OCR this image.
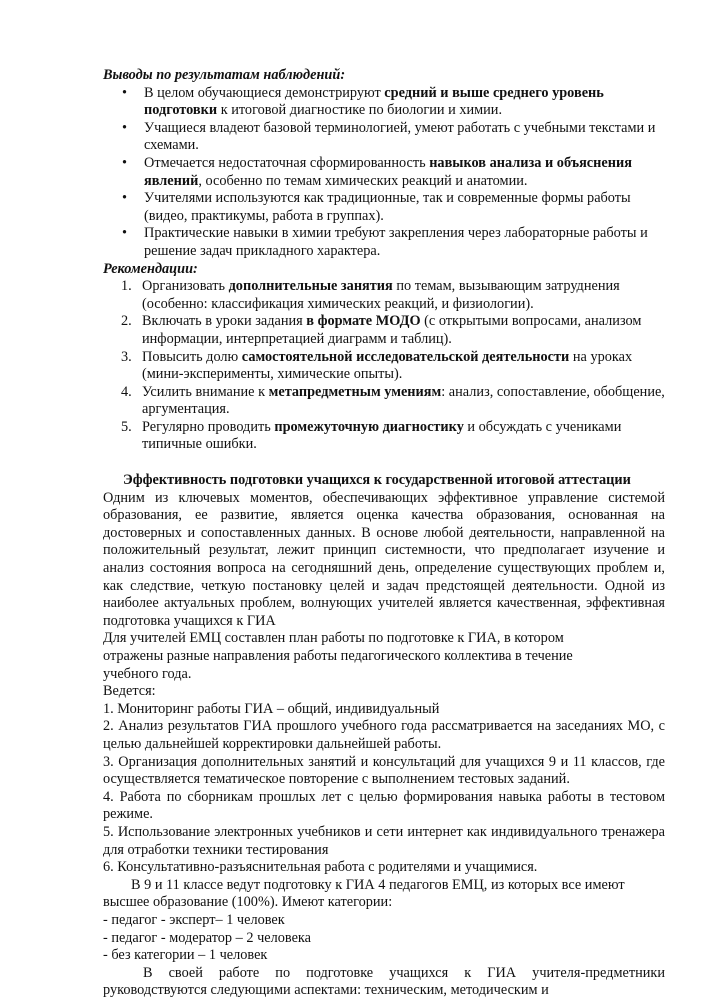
Выводы по результатам наблюдений:

• В целом обучающиеся демонстрируют средний и выше среднего уровень подготовки к итоговой диагностике по биологии и химии.
• Учащиеся владеют базовой терминологией, умеют работать с учебными текстами и схемами.
• Отмечается недостаточная сформированность навыков анализа и объяснения явлений, особенно по темам химических реакций и анатомии.
• Учителями используются как традиционные, так и современные формы работы (видео, практикумы, работа в группах).
• Практические навыки в химии требуют закрепления через лабораторные работы и решение задач прикладного характера.

Рекомендации:

1. Организовать дополнительные занятия по темам, вызывающим затруднения (особенно: классификация химических реакций, и физиологии).
2. Включать в уроки задания в формате МОДО (с открытыми вопросами, анализом информации, интерпретацией диаграмм и таблиц).
3. Повысить долю самостоятельной исследовательской деятельности на уроках (мини-эксперименты, химические опыты).
4. Усилить внимание к метапредметным умениям: анализ, сопоставление, обобщение, аргументация.
5. Регулярно проводить промежуточную диагностику и обсуждать с учениками типичные ошибки.

Эффективность подготовки учащихся к государственной итоговой аттестации

Одним из ключевых моментов, обеспечивающих эффективное управление системой образования, ее развитие, является оценка качества образования, основанная на достоверных и сопоставленных данных. В основе любой деятельности, направленной на положительный результат, лежит принцип системности, что предполагает изучение и анализ состояния вопроса на сегодняшний день, определение существующих проблем и, как следствие, четкую постановку целей и задач предстоящей деятельности. Одной из наиболее актуальных проблем, волнующих учителей является качественная, эффективная подготовка учащихся к ГИА

Для учителей ЕМЦ составлен план работы по подготовке к ГИА, в котором

отражены разные направления работы педагогического коллектива в течение

учебного года.

Ведется:

1. Мониторинг работы ГИА – общий, индивидуальный

2. Анализ результатов ГИА прошлого учебного года рассматривается на заседаниях МО, с целью дальнейшей корректировки дальнейшей работы.

3. Организация дополнительных занятий и консультаций для учащихся 9 и 11 классов, где осуществляется тематическое повторение с выполнением тестовых заданий.

4. Работа по сборникам прошлых лет с целью формирования навыка работы в тестовом режиме.

5. Использование электронных учебников и сети интернет как индивидуального тренажера для отработки техники тестирования

6. Консультативно-разъяснительная работа с родителями и учащимися.

В 9 и 11 классе ведут подготовку к ГИА 4 педагогов ЕМЦ, из которых все имеют

высшее образование (100%). Имеют категории:

- педагог - эксперт– 1 человек

- педагог - модератор – 2 человека

- без категории – 1 человек

В своей работе по подготовке учащихся к ГИА учителя-предметники руководствуются следующими аспектами: техническим, методическим и
